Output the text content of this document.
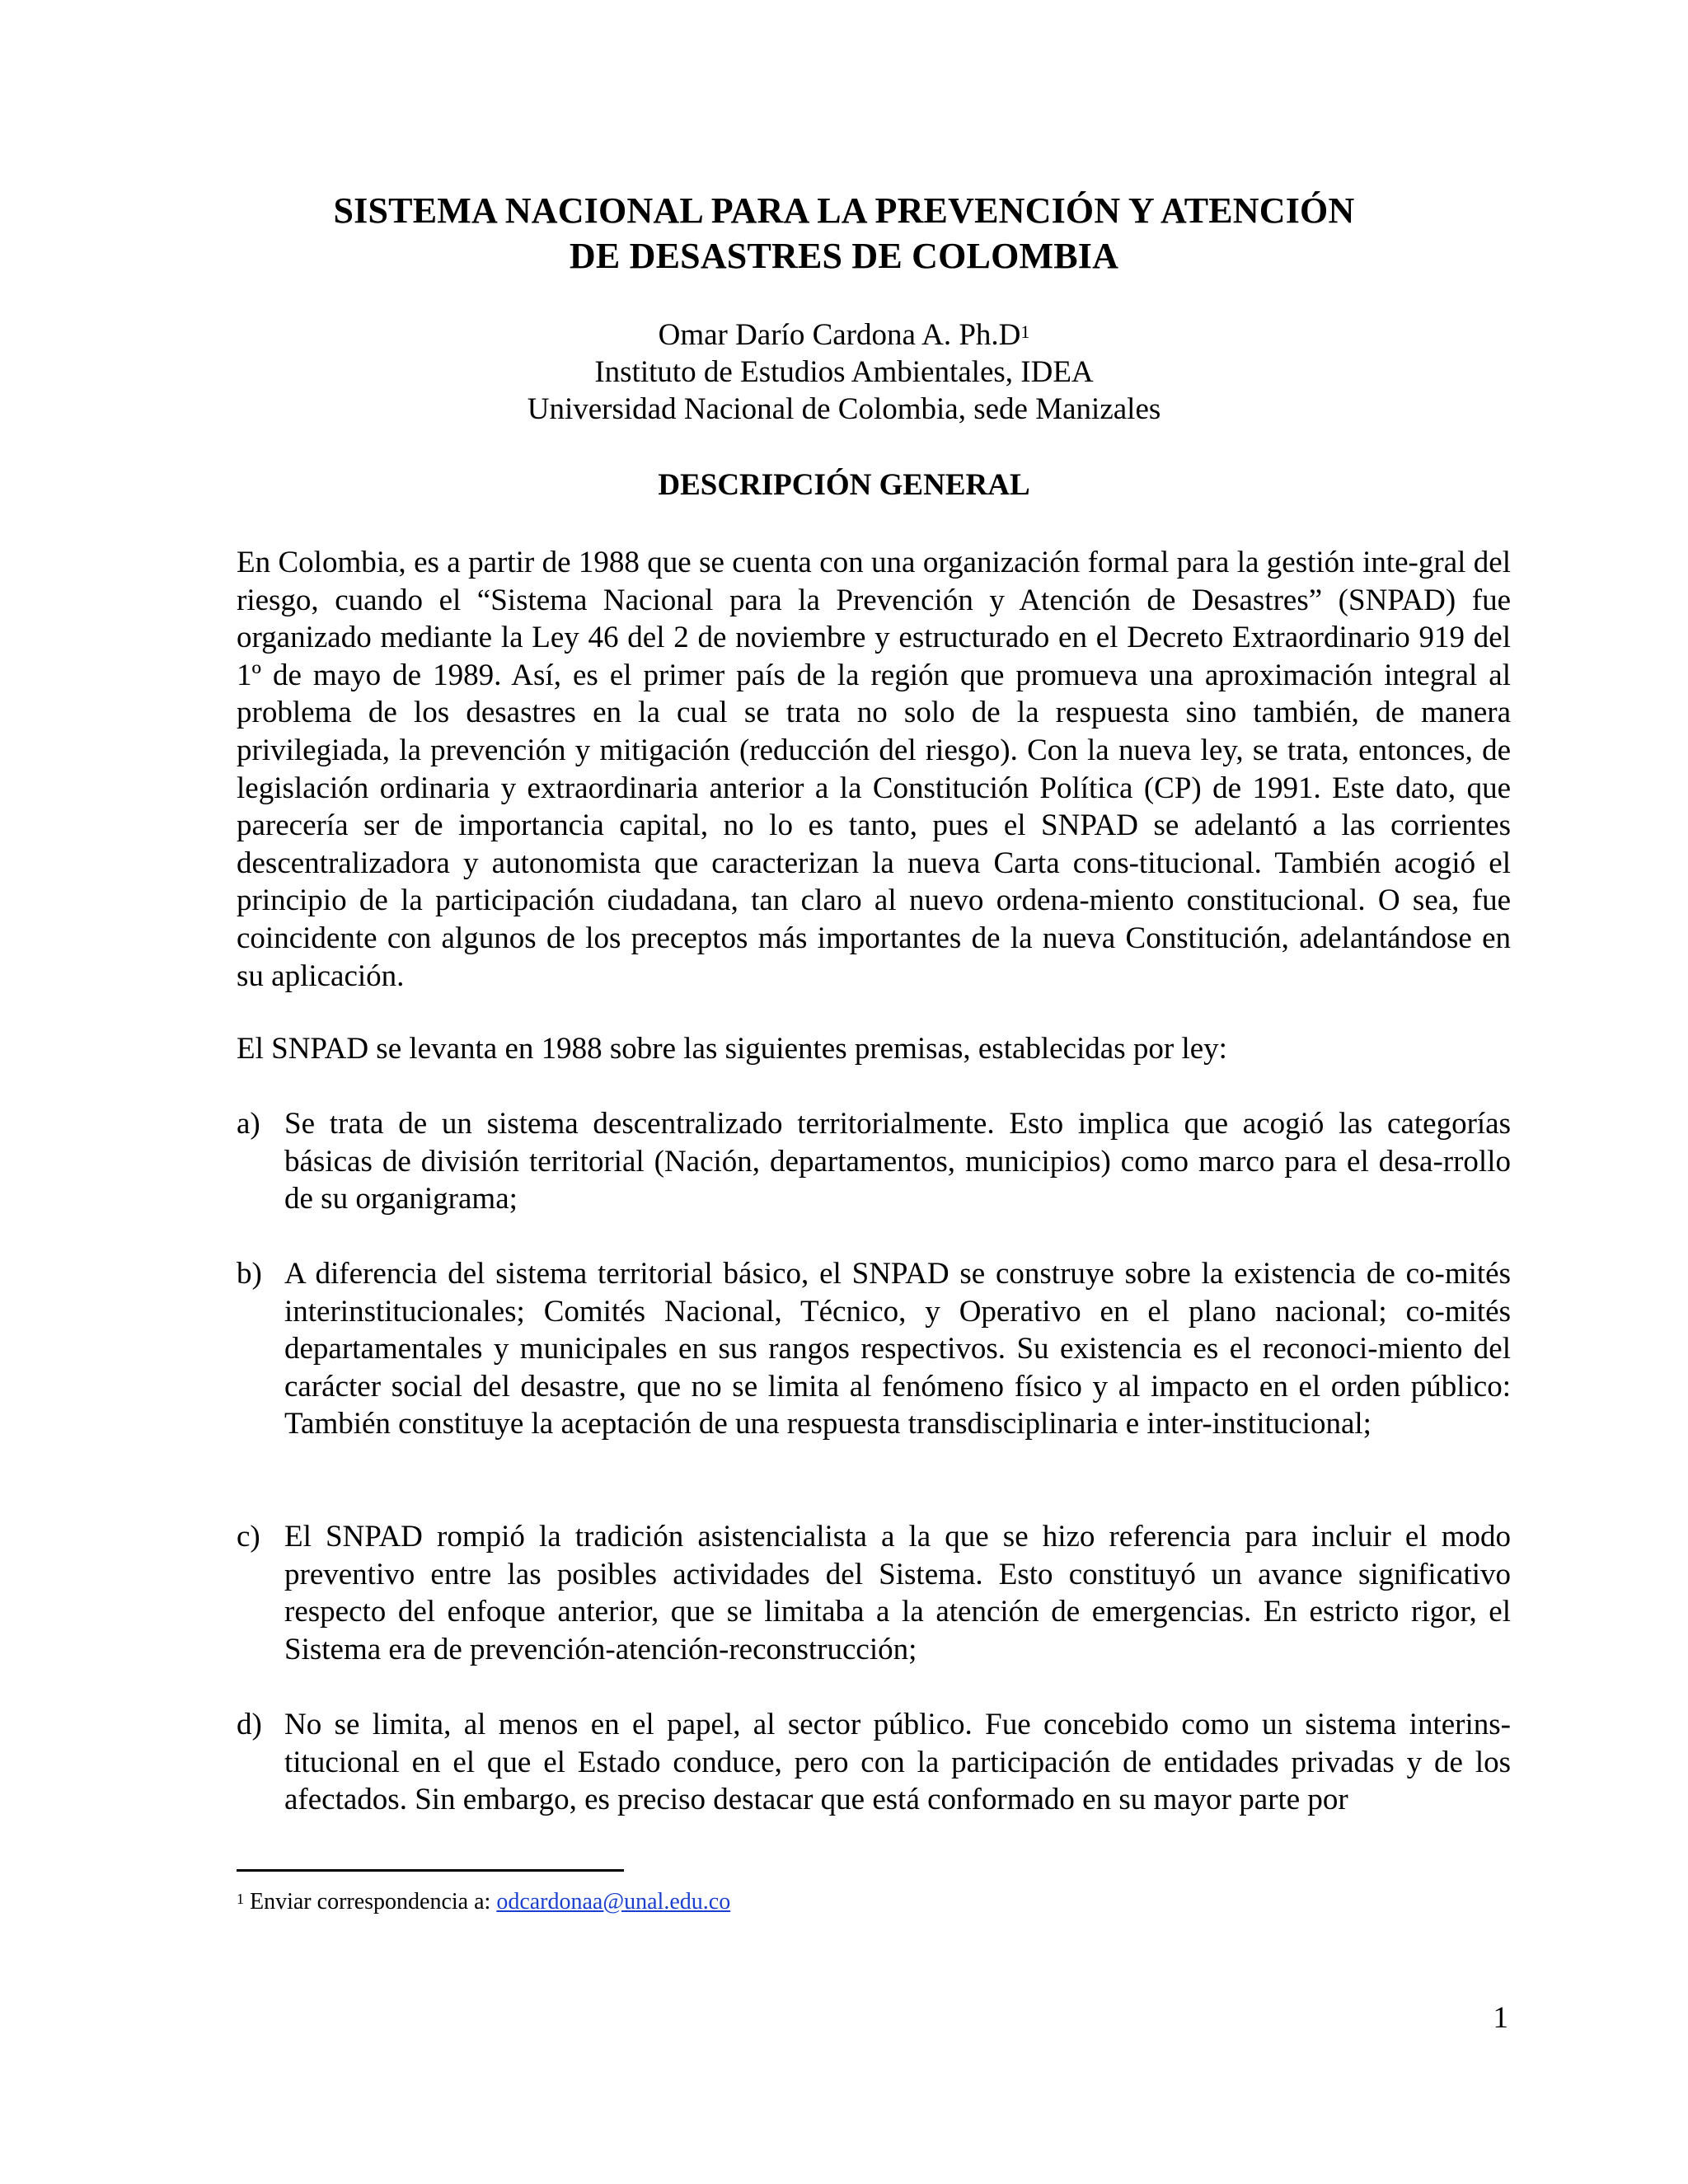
SISTEMA NACIONAL PARA LA PREVENCIÓN Y ATENCIÓN
DE DESASTRES DE COLOMBIA
Omar Darío Cardona A. $Ph.D^1$
Instituto de Estudios Ambientales, IDEA
Universidad Nacional de Colombia, sede Manizales
DESCRIPCIÓN GENERAL
En Colombia, es a partir de 1988 que se cuenta con una organización formal para la gestión inte-gral del riesgo, cuando el “Sistema Nacional para la Prevención y Atención de Desastres” (SNPAD) fue organizado mediante la Ley 46 del 2 de noviembre y estructurado en el Decreto Extraordinario 919 del 1º de mayo de 1989. Así, es el primer país de la región que promueva una aproximación integral al problema de los desastres en la cual se trata no solo de la respuesta sino también, de manera privilegiada, la prevención y mitigación (reducción del riesgo). Con la nueva ley, se trata, entonces, de legislación ordinaria y extraordinaria anterior a la Constitución Política (CP) de 1991. Este dato, que parecería ser de importancia capital, no lo es tanto, pues el SNPAD se adelantó a las corrientes descentralizadora y autonomista que caracterizan la nueva Carta cons-titucional. También acogió el principio de la participación ciudadana, tan claro al nuevo ordena-miento constitucional. O sea, fue coincidente con algunos de los preceptos más importantes de la nueva Constitución, adelantándose en su aplicación.
El SNPAD se levanta en 1988 sobre las siguientes premisas, establecidas por ley:
a) Se trata de un sistema descentralizado territorialmente. Esto implica que acogió las categorías básicas de división territorial (Nación, departamentos, municipios) como marco para el desa-rrollo de su organigrama;
b) A diferencia del sistema territorial básico, el SNPAD se construye sobre la existencia de co-mités interinstitucionales; Comités Nacional, Técnico, y Operativo en el plano nacional; co-mités departamentales y municipales en sus rangos respectivos. Su existencia es el reconoci-miento del carácter social del desastre, que no se limita al fenómeno físico y al impacto en el orden público: También constituye la aceptación de una respuesta transdisciplinaria e inter-institucional;
c) El SNPAD rompió la tradición asistencialista a la que se hizo referencia para incluir el modo preventivo entre las posibles actividades del Sistema. Esto constituyó un avance significativo respecto del enfoque anterior, que se limitaba a la atención de emergencias. En estricto rigor, el Sistema era de prevención-atención-reconstrucción;
d) No se limita, al menos en el papel, al sector público. Fue concebido como un sistema interins-titucional en el que el Estado conduce, pero con la participación de entidades privadas y de los afectados. Sin embargo, es preciso destacar que está conformado en su mayor parte por
$^1$ Enviar correspondencia a: odcardonaa@unal.edu.co
1
